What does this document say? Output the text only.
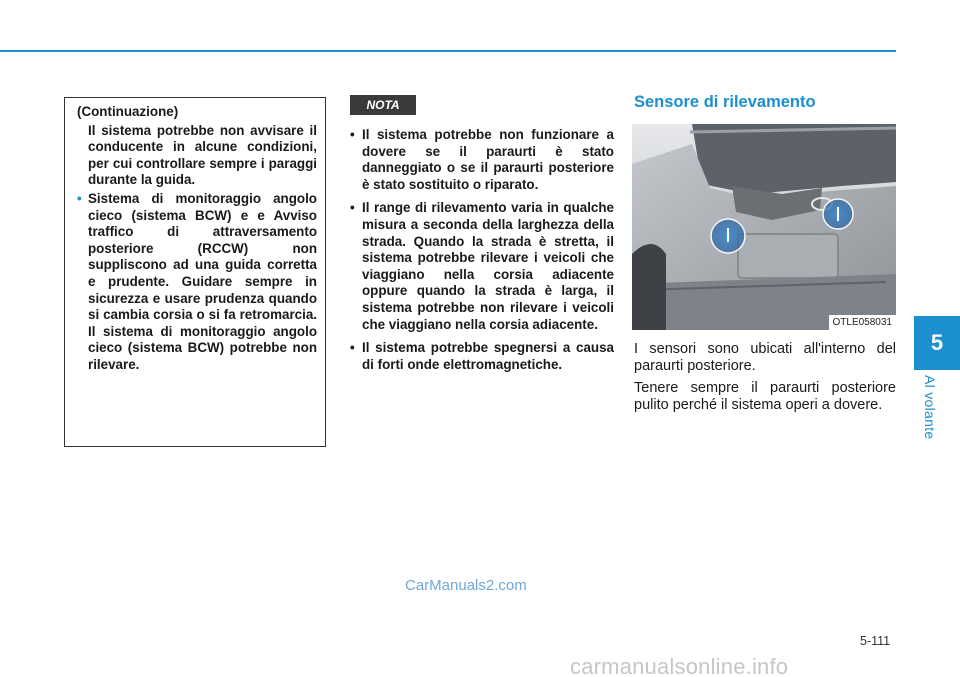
5
Al volante
(Continuazione)
Il sistema potrebbe non avvisare il conducente in alcune condizioni, per cui controllare sempre i paraggi durante la guida.
• Sistema di monitoraggio angolo cieco (sistema BCW) e e Avviso traffico di attraversamento posteriore (RCCW) non suppliscono ad una guida corretta e prudente. Guidare sempre in sicurezza e usare prudenza quando si cambia corsia o si fa retromarcia. Il sistema di monitoraggio angolo cieco (sistema BCW) potrebbe non rilevare.
NOTA
• Il sistema potrebbe non funzionare a dovere se il paraurti è stato danneggiato o se il paraurti posteriore è stato sostituito o riparato.
• Il range di rilevamento varia in qualche misura a seconda della larghezza della strada. Quando la strada è stretta, il sistema potrebbe rilevare i veicoli che viaggiano nella corsia adiacente oppure quando la strada è larga, il sistema potrebbe non rilevare i veicoli che viaggiano nella corsia adiacente.
• Il sistema potrebbe spegnersi a causa di forti onde elettromagnetiche.
Sensore di rilevamento
OTLE058031

I sensori sono ubicati all'interno del paraurti posteriore.

Tenere sempre il paraurti posteriore pulito perché il sistema operi a dovere.

CarManuals2.com
5-111
carmanualsonline.info
